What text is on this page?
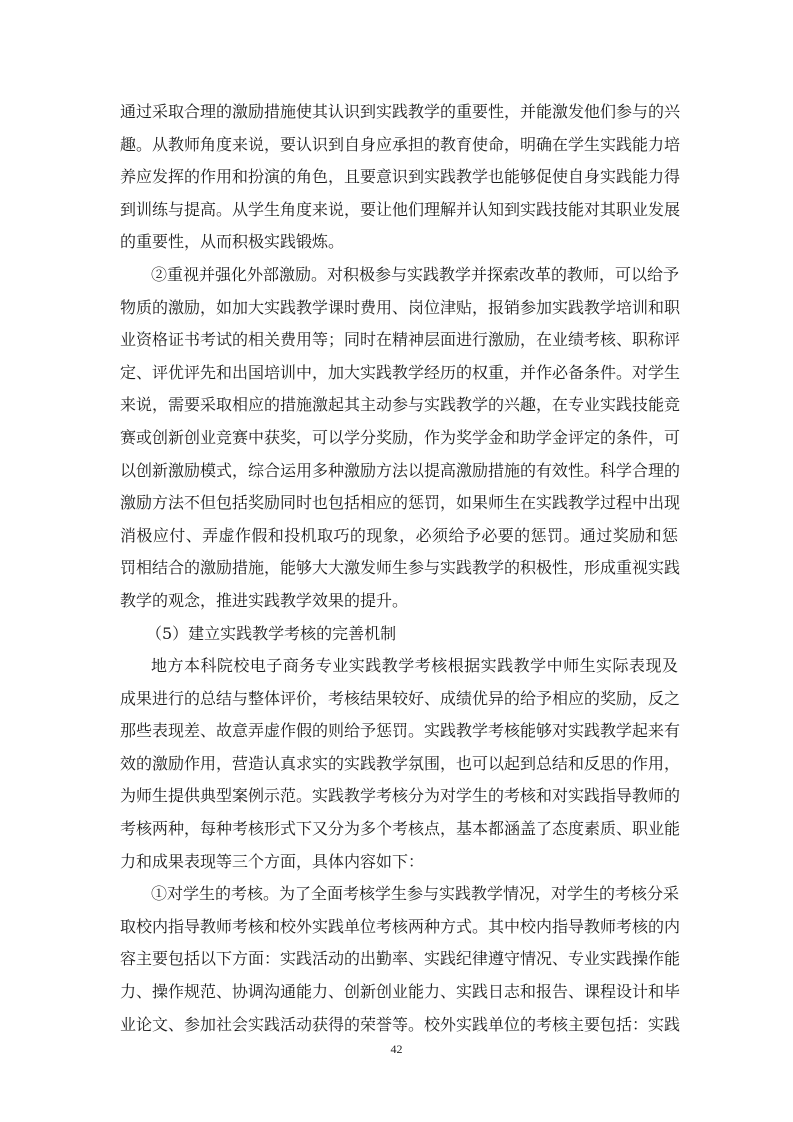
通过采取合理的激励措施使其认识到实践教学的重要性，并能激发他们参与的兴
趣。从教师角度来说，要认识到自身应承担的教育使命，明确在学生实践能力培
养应发挥的作用和扮演的角色，且要意识到实践教学也能够促使自身实践能力得
到训练与提高。从学生角度来说，要让他们理解并认知到实践技能对其职业发展
的重要性，从而积极实践锻炼。
②重视并强化外部激励。对积极参与实践教学并探索改革的教师，可以给予
物质的激励，如加大实践教学课时费用、岗位津贴，报销参加实践教学培训和职
业资格证书考试的相关费用等；同时在精神层面进行激励，在业绩考核、职称评
定、评优评先和出国培训中，加大实践教学经历的权重，并作必备条件。对学生
来说，需要采取相应的措施激起其主动参与实践教学的兴趣，在专业实践技能竞
赛或创新创业竞赛中获奖，可以学分奖励，作为奖学金和助学金评定的条件，可
以创新激励模式，综合运用多种激励方法以提高激励措施的有效性。科学合理的
激励方法不但包括奖励同时也包括相应的惩罚，如果师生在实践教学过程中出现
消极应付、弄虚作假和投机取巧的现象，必须给予必要的惩罚。通过奖励和惩
罚相结合的激励措施，能够大大激发师生参与实践教学的积极性，形成重视实践
教学的观念，推进实践教学效果的提升。
（5）建立实践教学考核的完善机制
地方本科院校电子商务专业实践教学考核根据实践教学中师生实际表现及
成果进行的总结与整体评价，考核结果较好、成绩优异的给予相应的奖励，反之
那些表现差、故意弄虚作假的则给予惩罚。实践教学考核能够对实践教学起来有
效的激励作用，营造认真求实的实践教学氛围，也可以起到总结和反思的作用，
为师生提供典型案例示范。实践教学考核分为对学生的考核和对实践指导教师的
考核两种，每种考核形式下又分为多个考核点，基本都涵盖了态度素质、职业能
力和成果表现等三个方面，具体内容如下：
①对学生的考核。为了全面考核学生参与实践教学情况，对学生的考核分采
取校内指导教师考核和校外实践单位考核两种方式。其中校内指导教师考核的内
容主要包括以下方面：实践活动的出勤率、实践纪律遵守情况、专业实践操作能
力、操作规范、协调沟通能力、创新创业能力、实践日志和报告、课程设计和毕
业论文、参加社会实践活动获得的荣誉等。校外实践单位的考核主要包括：实践
42
